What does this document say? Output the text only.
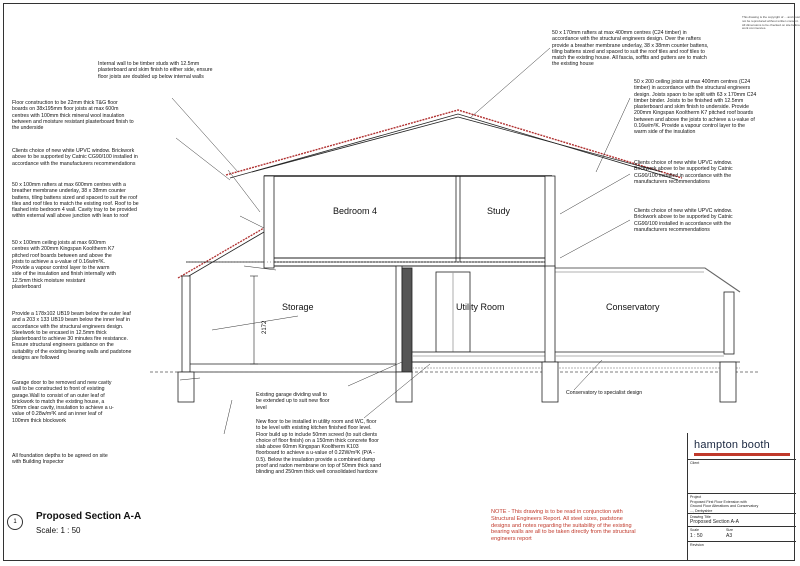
This drawing is the copyright of ... and must not be reproduced without written consent.
All dimensions to be checked on site before work commences.
Internal wall to be timber studs with 12.5mm
plasterboard and skim finish to either side, ensure
floor joists are doubled up below internal walls
Floor construction to be 22mm thick T&G floor
boards on 38x195mm floor joists at max 600m
centres with 100mm thick mineral wool insulation
between and moisture resistant plasterboard finish to
the underside
Clients choice of new white UPVC window. Brickwork
above to be supported by Catnic CG90/100 installed in
accordance with the manufacturers recommendations
50 x 100mm rafters at max 600mm centres with a
breather membrane underlay, 38 x 38mm counter
battens, tiling battens sized and spaced to suit the roof
tiles and roof tiles to match the existing roof. Roof to be
flashed into bedroom 4 wall. Cavity tray to be provided
within external wall above junction with lean to roof
50 x 100mm ceiling joists at max 600mm
centres with 200mm Kingspan Kooltherm K7
pitched roof boards between and above the
joists to achieve a u-value of 0.16w/m²K.
Provide a vapour control layer to the warm
side of the insulation and finish internally with
12.5mm thick moisture resistant
plasterboard
Provide a 178x102 UB19 beam below the outer leaf
and a 203 x 133 UB19 beam below the inner leaf in
accordance with the structural engineers design.
Steelwork to be encased in 12.5mm thick
plasterboard to achieve 30 minutes fire resistance.
Ensure structural engineers guidance on the
suitability of the existing bearing walls and padstone
designs are followed
Garage door to be removed and new cavity
wall to be constructed to front of existing
garage.Wall to consist of an outer leaf of
brickwork to match the existing house, a
50mm clear cavity, insulation to achieve a u-
value of 0.28w/m²K and an inner leaf of
100mm thick blockwork
All foundation depths to be agreed on site
with Building Inspector
50 x 170mm rafters at max 400mm centres (C24 timber) in
accordance with the structural engineers design. Over the rafters
provide a breather membrane underlay, 38 x 38mm counter battens,
tiling battens sized and spaced to suit the roof tiles and roof tiles to
match the existing house. All fascia, soffits and gutters are to match
the existing house
50 x 200 ceiling joists at max 400mm centres (C24
timber) in accordance with the structural engineers
design. Joists spaon to be split with 63 x 170mm C24
timber binder. Joists to be finished with 12.5mm
plasterboard and skim finish to underside. Provide
200mm Kingspan Kooltherm K7 pitched roof boards
between and above the joists to achieve a u-value of
0.16w/m²K. Provide a vapour control layer to the
warm side of the insulation
Clients choice of new white UPVC window.
Brickwork above to be supported by Catnic
CG90/100 installed in accordance with the
manufacturers recommendations
Clients choice of new white UPVC window.
Brickwork above to be supported by Catnic
CG90/100 installed in accordance with the
manufacturers recommendations
Existing garage dividing wall to
be extended up to suit new floor
level
New floor to be installed in utility room and WC, floor
to be level with existing kitchen finished floor level.
Floor build up to include 50mm screed (to suit clients
choice of floor finish) on a 150mm thick concrete floor
slab above 60mm Kingspan Kooltherm K103
floorboard to achieve a u-value of 0.22W/m²K (P/A -
0.5). Below the insulation provide a combined damp
proof and radon membrane on top of 50mm thick sand
blinding and 250mm thick well consolidated hardcore
Conservatory to specialist design
Bedroom 4	Study
Storage	Utility Room	Conservatory
2172
1	Proposed Section A-A
Scale: 1 : 50
NOTE - This drawing is to be read in conjunction with
Structural Engineers Report. All steel sizes, padstone
designs and notes regarding the suitability of the existing
bearing walls are all to be taken directly from the structural
engineers report
hampton booth
Client
Project
Proposed First Floor Extension with
Ground Floor Alterations and Conservatory
..., Derbyshire
Drawing Title
Proposed Section A-A
Scale
1 : 50
Size
A3
Revision
